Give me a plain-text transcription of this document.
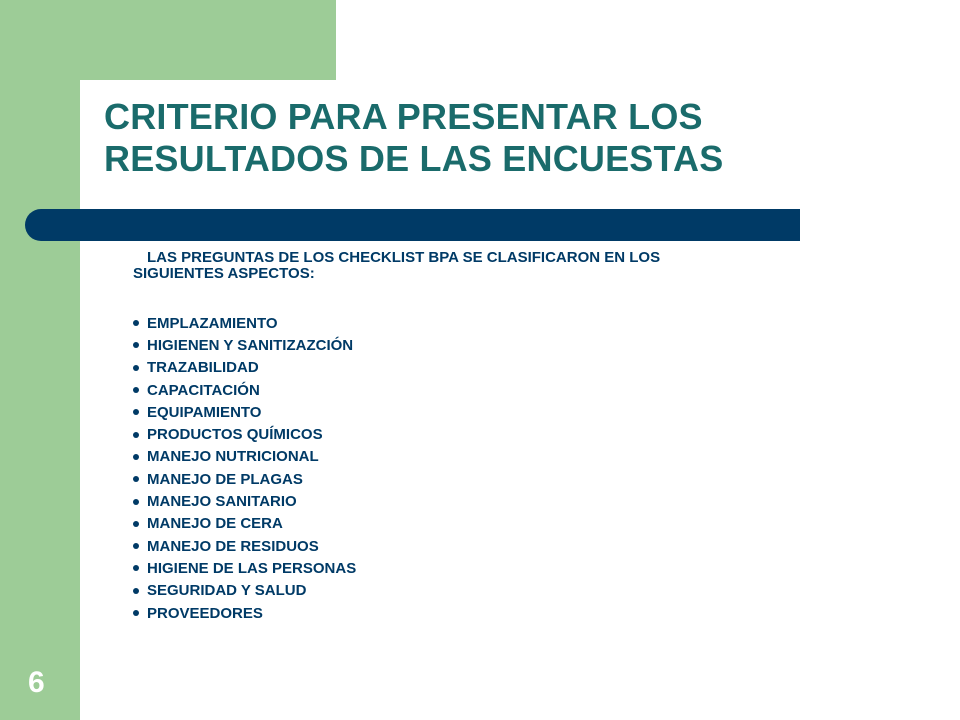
CRITERIO PARA PRESENTAR LOS
RESULTADOS DE LAS ENCUESTAS

LAS PREGUNTAS DE LOS CHECKLIST BPA SE CLASIFICARON EN LOS
SIGUIENTES ASPECTOS:

EMPLAZAMIENTO
HIGIENEN Y SANITIZAZCIÓN
TRAZABILIDAD
CAPACITACIÓN
EQUIPAMIENTO
PRODUCTOS QUÍMICOS
MANEJO NUTRICIONAL
MANEJO DE PLAGAS
MANEJO SANITARIO
MANEJO DE CERA
MANEJO DE RESIDUOS
HIGIENE DE LAS PERSONAS
SEGURIDAD Y SALUD
PROVEEDORES
6
